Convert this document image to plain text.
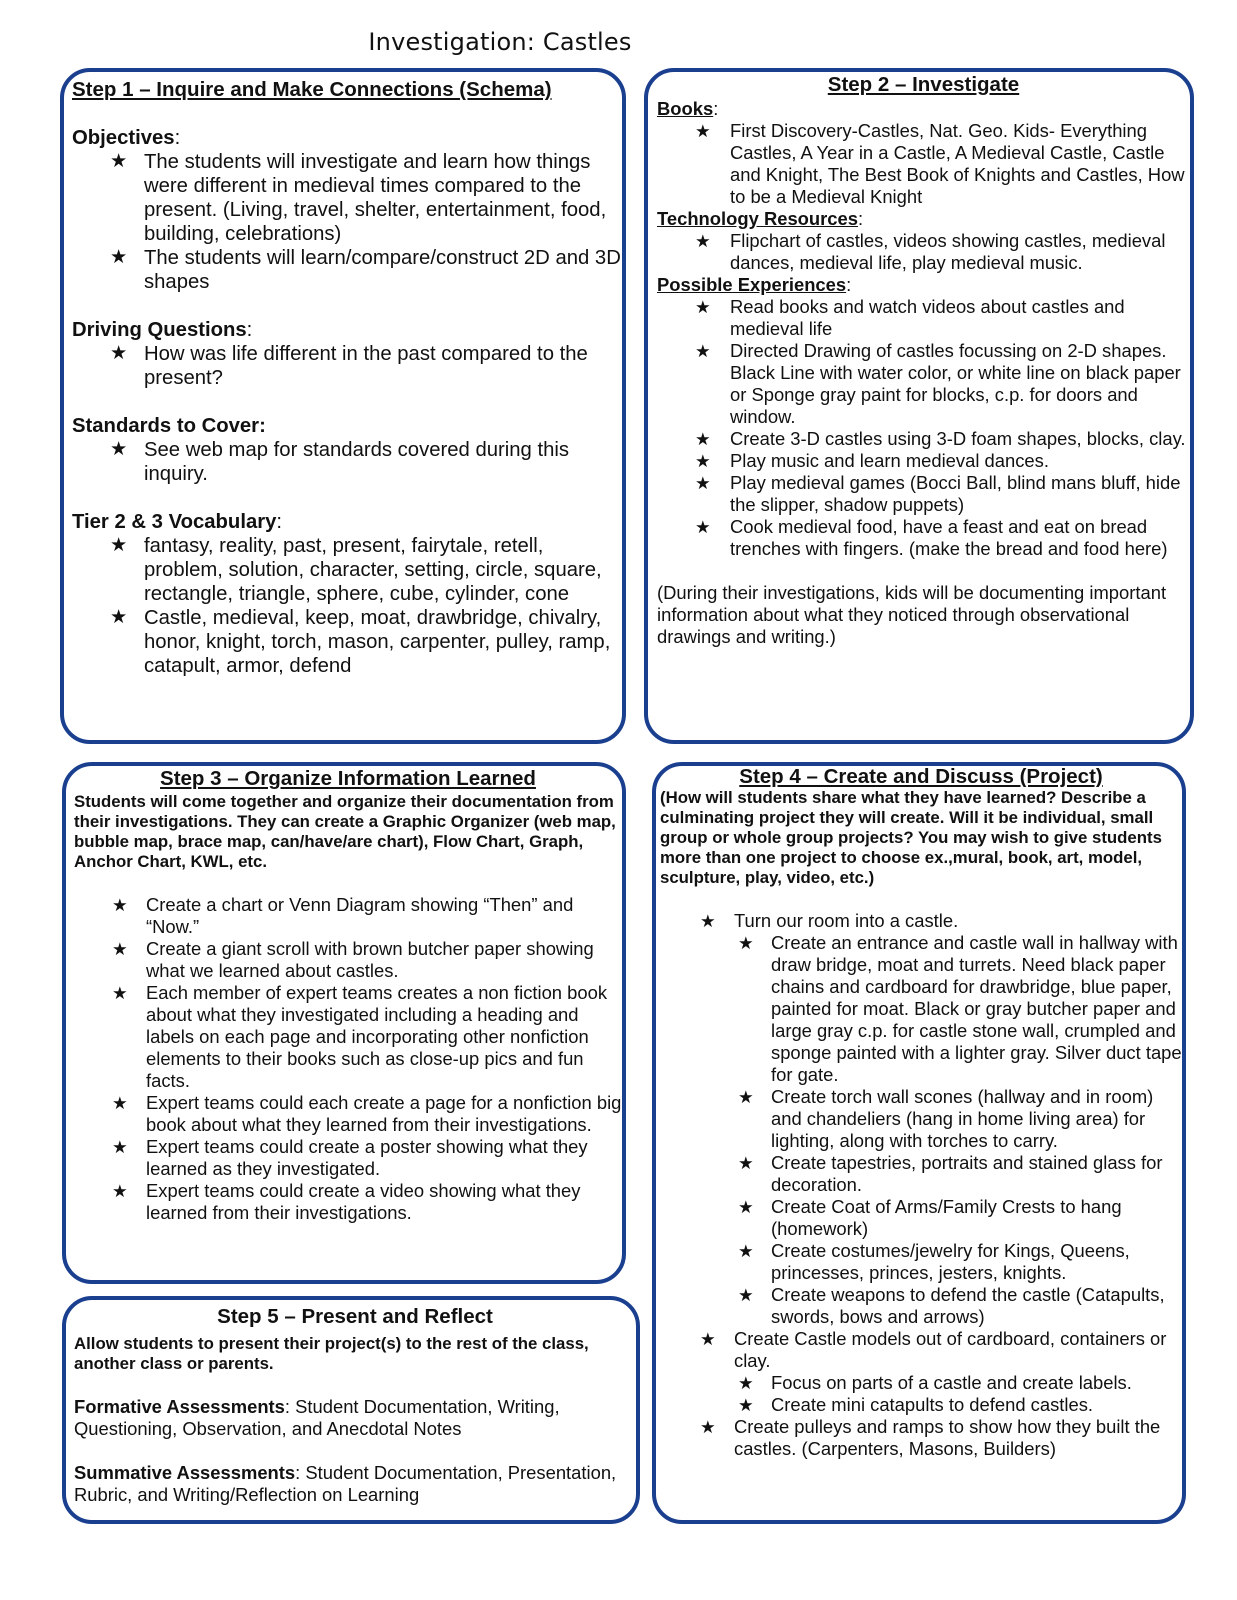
Investigation: Castles

Step 1 – Inquire and Make Connections (Schema)

Objectives:

★ The students will investigate and learn how things were different in medieval times compared to the present. (Living, travel, shelter, entertainment, food, building, celebrations)
★ The students will learn/compare/construct 2D and 3D shapes

Driving Questions:

★ How was life different in the past compared to the present?

Standards to Cover:

★ See web map for standards covered during this inquiry.

Tier 2 & 3 Vocabulary:

★ fantasy, reality, past, present, fairytale, retell, problem, solution, character, setting, circle, square, rectangle, triangle, sphere, cube, cylinder, cone
★ Castle, medieval, keep, moat, drawbridge, chivalry, honor, knight, torch, mason, carpenter, pulley, ramp, catapult, armor, defend

Step 2 – Investigate

Books:

★ First Discovery-Castles, Nat. Geo. Kids- Everything Castles, A Year in a Castle, A Medieval Castle, Castle and Knight, The Best Book of Knights and Castles, How to be a Medieval Knight

Technology Resources:

★ Flipchart of castles, videos showing castles, medieval dances, medieval life, play medieval music.

Possible Experiences:

★ Read books and watch videos about castles and medieval life
★ Directed Drawing of castles focussing on 2-D shapes. Black Line with water color, or white line on black paper or Sponge gray paint for blocks, c.p. for doors and window.
★ Create 3-D castles using 3-D foam shapes, blocks, clay.
★ Play music and learn medieval dances.
★ Play medieval games (Bocci Ball, blind mans bluff, hide the slipper, shadow puppets)
★ Cook medieval food, have a feast and eat on bread trenches with fingers. (make the bread and food here)

(During their investigations, kids will be documenting important information about what they noticed through observational drawings and writing.)

Step 3 – Organize Information Learned

Students will come together and organize their documentation from their investigations. They can create a Graphic Organizer (web map, bubble map, brace map, can/have/are chart), Flow Chart, Graph, Anchor Chart, KWL, etc.

★ Create a chart or Venn Diagram showing “Then” and “Now.”
★ Create a giant scroll with brown butcher paper showing what we learned about castles.
★ Each member of expert teams creates a non fiction book about what they investigated including a heading and labels on each page and incorporating other nonfiction elements to their books such as close-up pics and fun facts.
★ Expert teams could each create a page for a nonfiction big book about what they learned from their investigations.
★ Expert teams could create a poster showing what they learned as they investigated.
★ Expert teams could create a video showing what they learned from their investigations.

Step 4 – Create and Discuss (Project)

(How will students share what they have learned? Describe a culminating project they will create. Will it be individual, small group or whole group projects? You may wish to give students more than one project to choose ex.,mural, book, art, model, sculpture, play, video, etc.)

★ Turn our room into a castle.
★ Create an entrance and castle wall in hallway with draw bridge, moat and turrets. Need black paper chains and cardboard for drawbridge, blue paper, painted for moat. Black or gray butcher paper and large gray c.p. for castle stone wall, crumpled and sponge painted with a lighter gray. Silver duct tape for gate.
★ Create torch wall scones (hallway and in room) and chandeliers (hang in home living area) for lighting, along with torches to carry.
★ Create tapestries, portraits and stained glass for decoration.
★ Create Coat of Arms/Family Crests to hang (homework)
★ Create costumes/jewelry for Kings, Queens, princesses, princes, jesters, knights.
★ Create weapons to defend the castle (Catapults, swords, bows and arrows)
★ Create Castle models out of cardboard, containers or clay.
★ Focus on parts of a castle and create labels.
★ Create mini catapults to defend castles.
★ Create pulleys and ramps to show how they built the castles. (Carpenters, Masons, Builders)

Step 5 – Present and Reflect

Allow students to present their project(s) to the rest of the class, another class or parents.

Formative Assessments: Student Documentation, Writing, Questioning, Observation, and Anecdotal Notes

Summative Assessments: Student Documentation, Presentation, Rubric, and Writing/Reflection on Learning
